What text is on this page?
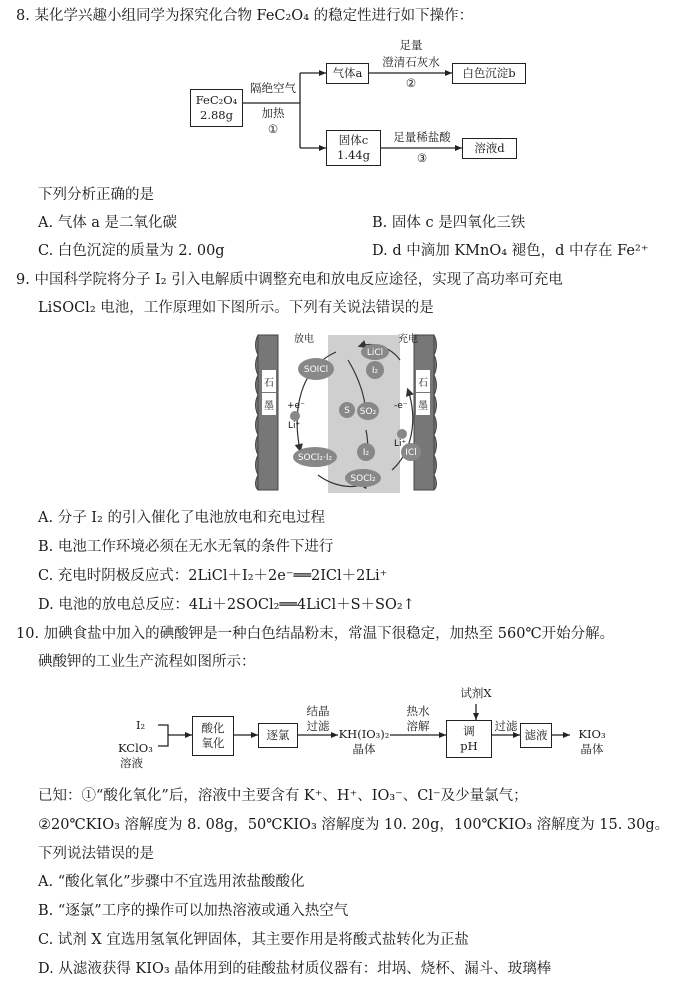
8. 某化学兴趣小组同学为探究化合物 FeC₂O₄ 的稳定性进行如下操作：
FeC₂O₄
2.88g
隔绝空气
加热
①
气体a
足量
澄清石灰水
②
白色沉淀b
固体c
1.44g
足量稀盐酸
③
溶液d
下列分析正确的是
A. 气体 a 是二氧化碳	B. 固体 c 是四氧化三铁
C. 白色沉淀的质量为 2. 00g	D. d 中滴加 KMnO₄ 褪色，d 中存在 Fe²⁺
9. 中国科学院将分子 I₂ 引入电解质中调整充电和放电反应途径，实现了高功率可充电
LiSOCl₂ 电池，工作原理如下图所示。下列有关说法错误的是
放电	充电
石
墨
石
墨
SOICl
LiCl
I₂
S SO₂
SOCl₂·I₂	I₂
SOCl₂
ICl
+e⁻
Li⁺
-e⁻
Li⁺
A. 分子 I₂ 的引入催化了电池放电和充电过程
B. 电池工作环境必须在无水无氧的条件下进行
C. 充电时阴极反应式：2LiCl＋I₂＋2e⁻══2ICl＋2Li⁺
D. 电池的放电总反应：4Li＋2SOCl₂══4LiCl＋S＋SO₂↑
10. 加碘食盐中加入的碘酸钾是一种白色结晶粉末，常温下很稳定，加热至 560℃开始分解。
碘酸钾的工业生产流程如图所示：
I₂
KClO₃
溶液
酸化
氧化
逐氯
结晶
过滤
KH(IO₃)₂
晶体
热水
溶解
试剂X
调
pH
过滤
滤液	KIO₃
晶体
已知：①“酸化氧化”后，溶液中主要含有 K⁺、H⁺、IO₃⁻、Cl⁻及少量氯气；
②20℃KIO₃ 溶解度为 8. 08g，50℃KIO₃ 溶解度为 10. 20g，100℃KIO₃ 溶解度为 15. 30g。
下列说法错误的是
A. “酸化氧化”步骤中不宜选用浓盐酸酸化
B. “逐氯”工序的操作可以加热溶液或通入热空气
C. 试剂 X 宜选用氢氧化钾固体，其主要作用是将酸式盐转化为正盐
D. 从滤液获得 KIO₃ 晶体用到的硅酸盐材质仪器有：坩埚、烧杯、漏斗、玻璃棒
